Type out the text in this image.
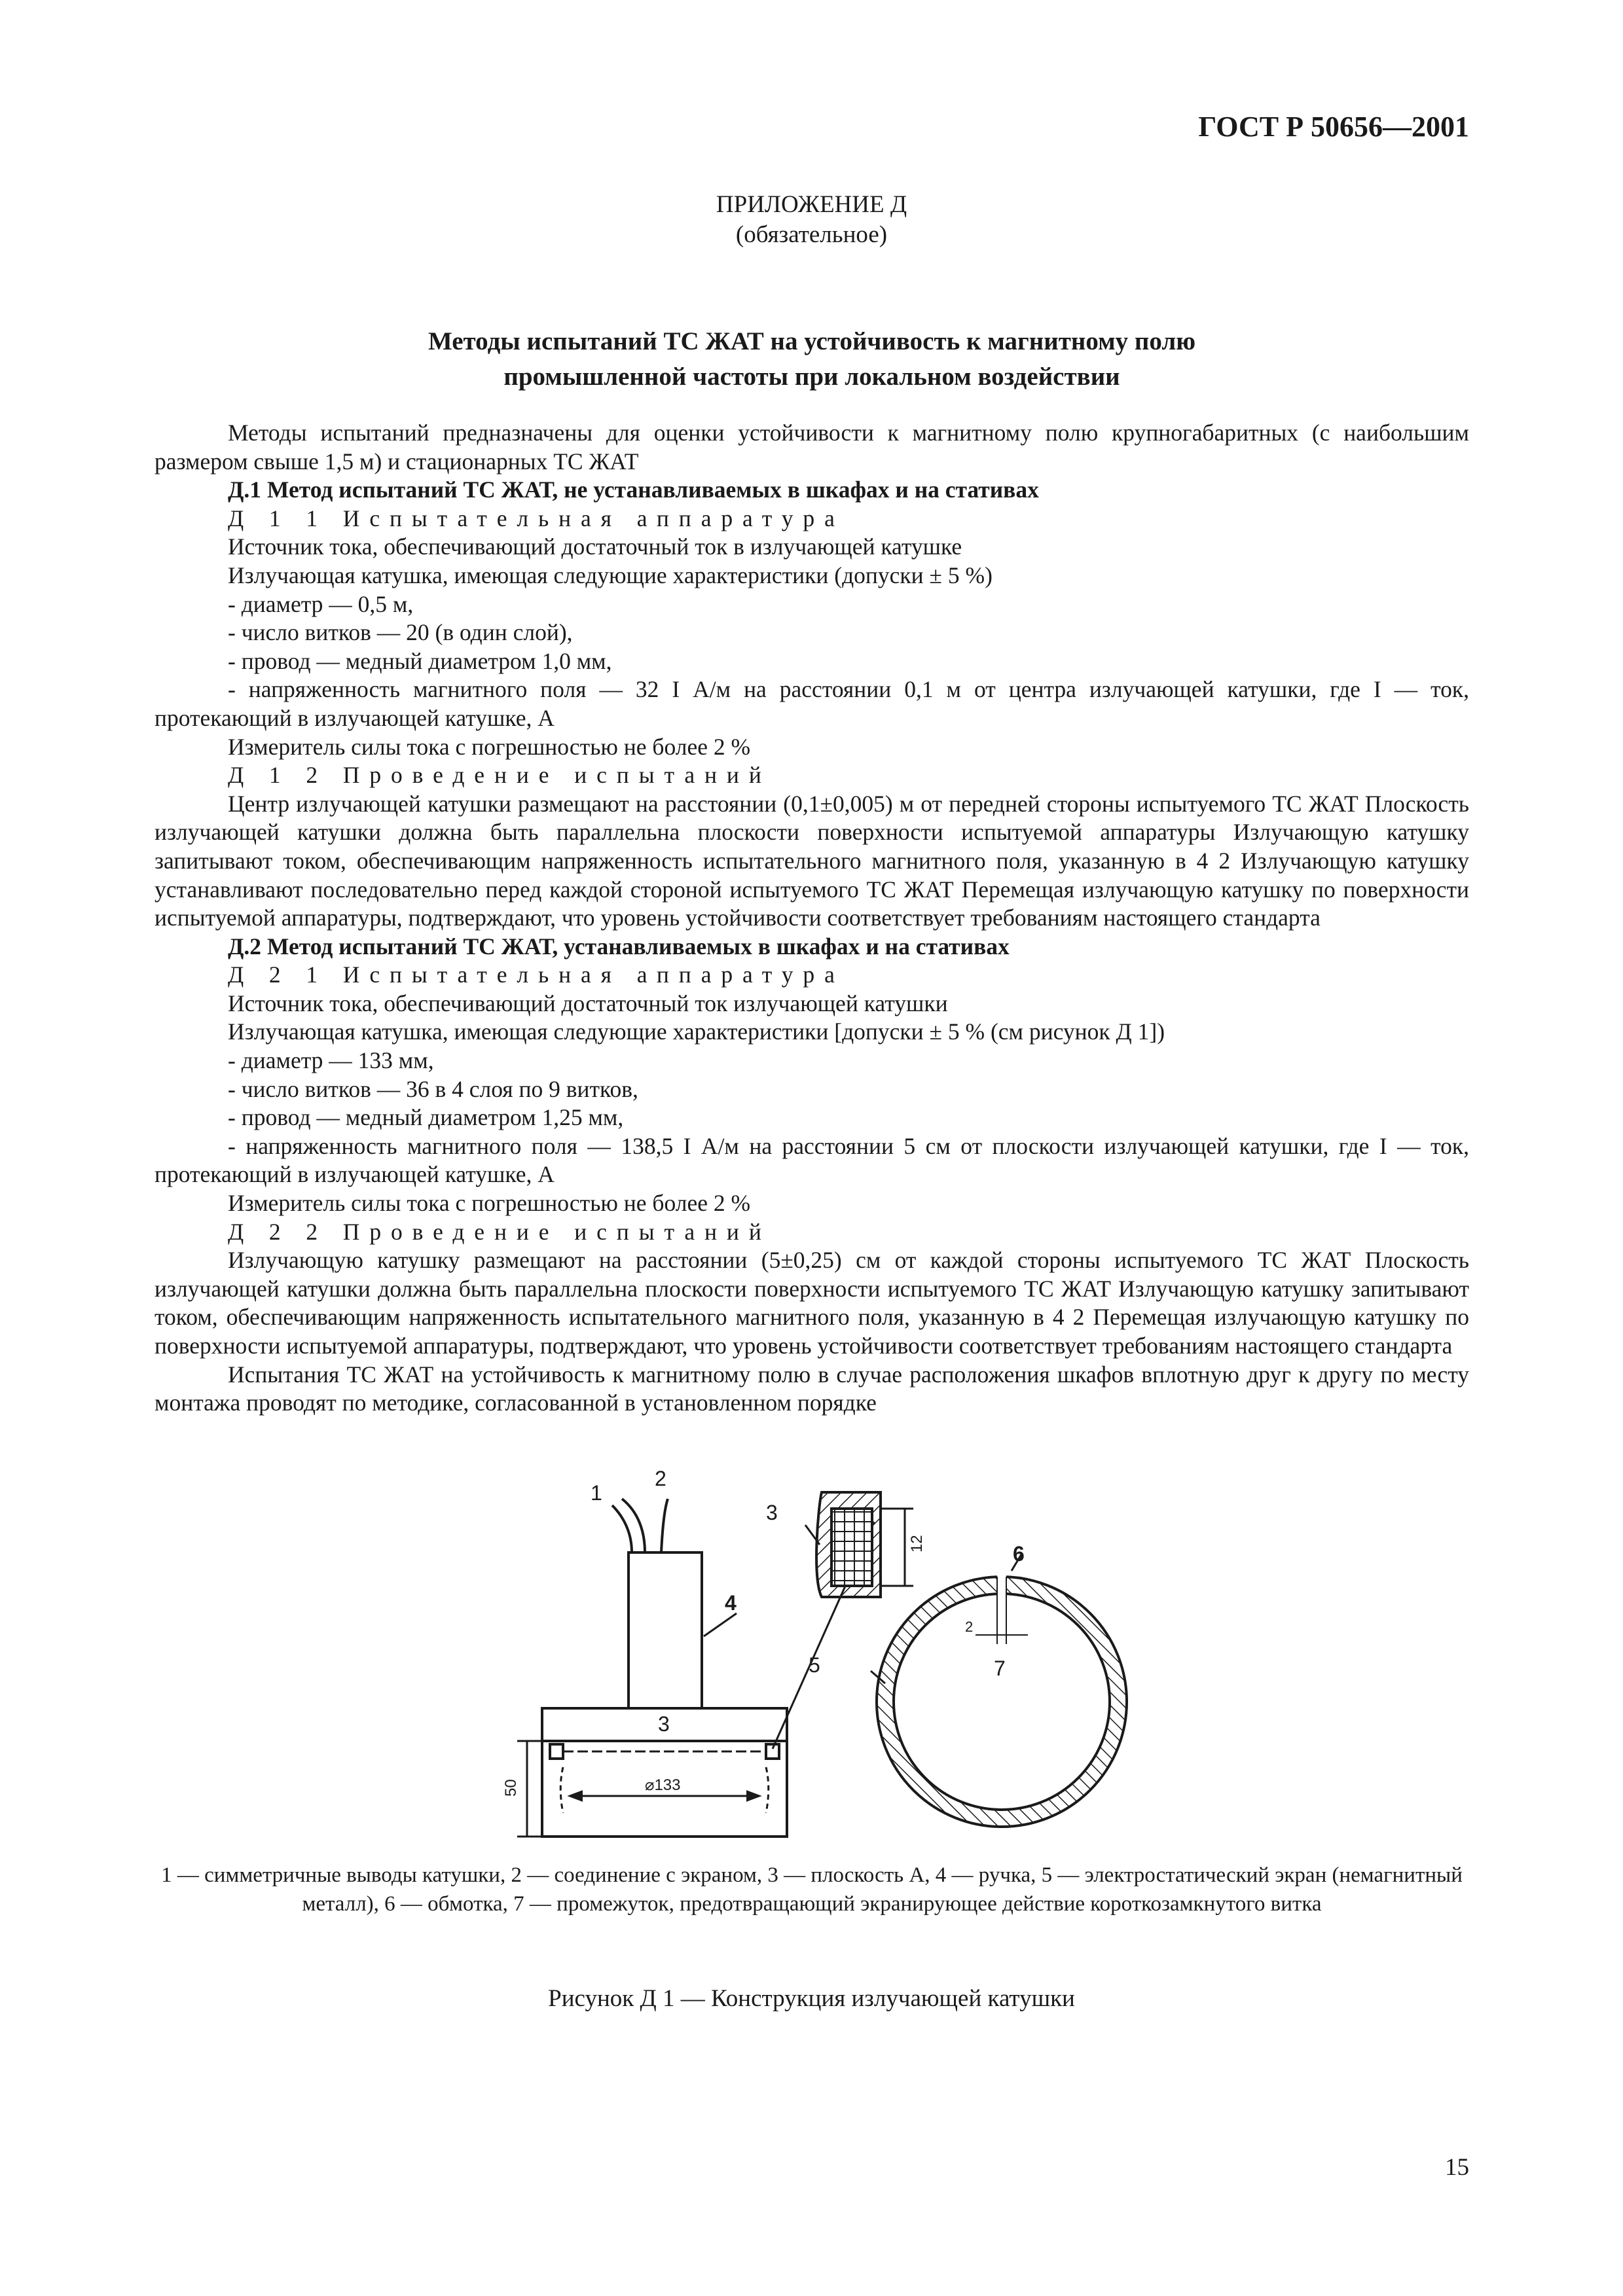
ГОСТ Р 50656—2001
ПРИЛОЖЕНИЕ Д
(обязательное)
Методы испытаний ТС ЖАТ на устойчивость к магнитному полю
промышленной частоты при локальном воздействии

Методы испытаний предназначены для оценки устойчивости к магнитному полю крупногабаритных (с наибольшим размером свыше 1,5 м) и стационарных ТС ЖАТ

Д.1 Метод испытаний ТС ЖАТ, не устанавливаемых в шкафах и на стативах

Д 1 1 Испытательная аппаратура

Источник тока, обеспечивающий достаточный ток в излучающей катушке

Излучающая катушка, имеющая следующие характеристики (допуски ± 5 %)

- диаметр — 0,5 м,

- число витков — 20 (в один слой),

- провод — медный диаметром 1,0 мм,

- напряженность магнитного поля — 32 I А/м на расстоянии 0,1 м от центра излучающей катушки, где I — ток, протекающий в излучающей катушке, А

Измеритель силы тока с погрешностью не более 2 %

Д 1 2 Проведение испытаний

Центр излучающей катушки размещают на расстоянии (0,1±0,005) м от передней стороны испытуемого ТС ЖАТ Плоскость излучающей катушки должна быть параллельна плоскости поверхности испытуемой аппаратуры Излучающую катушку запитывают током, обеспечивающим напряженность испытательного магнитного поля, указанную в 4 2 Излучающую катушку устанавливают последовательно перед каждой стороной испытуемого ТС ЖАТ Перемещая излучающую катушку по поверхности испытуемой аппаратуры, подтверждают, что уровень устойчивости соответствует требованиям настоящего стандарта

Д.2 Метод испытаний ТС ЖАТ, устанавливаемых в шкафах и на стативах

Д 2 1 Испытательная аппаратура

Источник тока, обеспечивающий достаточный ток излучающей катушки

Излучающая катушка, имеющая следующие характеристики [допуски ± 5 % (см рисунок Д 1])

- диаметр — 133 мм,

- число витков — 36 в 4 слоя по 9 витков,

- провод — медный диаметром 1,25 мм,

- напряженность магнитного поля — 138,5 I А/м на расстоянии 5 см от плоскости излучающей катушки, где I — ток, протекающий в излучающей катушке, А

Измеритель силы тока с погрешностью не более 2 %

Д 2 2 Проведение испытаний

Излучающую катушку размещают на расстоянии (5±0,25) см от каждой стороны испытуемого ТС ЖАТ Плоскость излучающей катушки должна быть параллельна плоскости поверхности испытуемого ТС ЖАТ Излучающую катушку запитывают током, обеспечивающим напряженность испытательного магнитного поля, указанную в 4 2 Перемещая излучающую катушку по поверхности испытуемой аппаратуры, подтверждают, что уровень устойчивости соответствует требованиям настоящего стандарта

Испытания ТС ЖАТ на устойчивость к магнитному полю в случае расположения шкафов вплотную друг к другу по месту монтажа проводят по методике, согласованной в установленном порядке

1
2
3
4
5
6
7
3
⌀133
2
50
12
1 — симметричные выводы катушки, 2 — соединение с экраном, 3 — плоскость А, 4 — ручка, 5 — электростатический экран (немагнитный металл), 6 — обмотка, 7 — промежуток, предотвращающий экранирующее действие короткозамкнутого витка
Рисунок Д 1 — Конструкция излучающей катушки
15
